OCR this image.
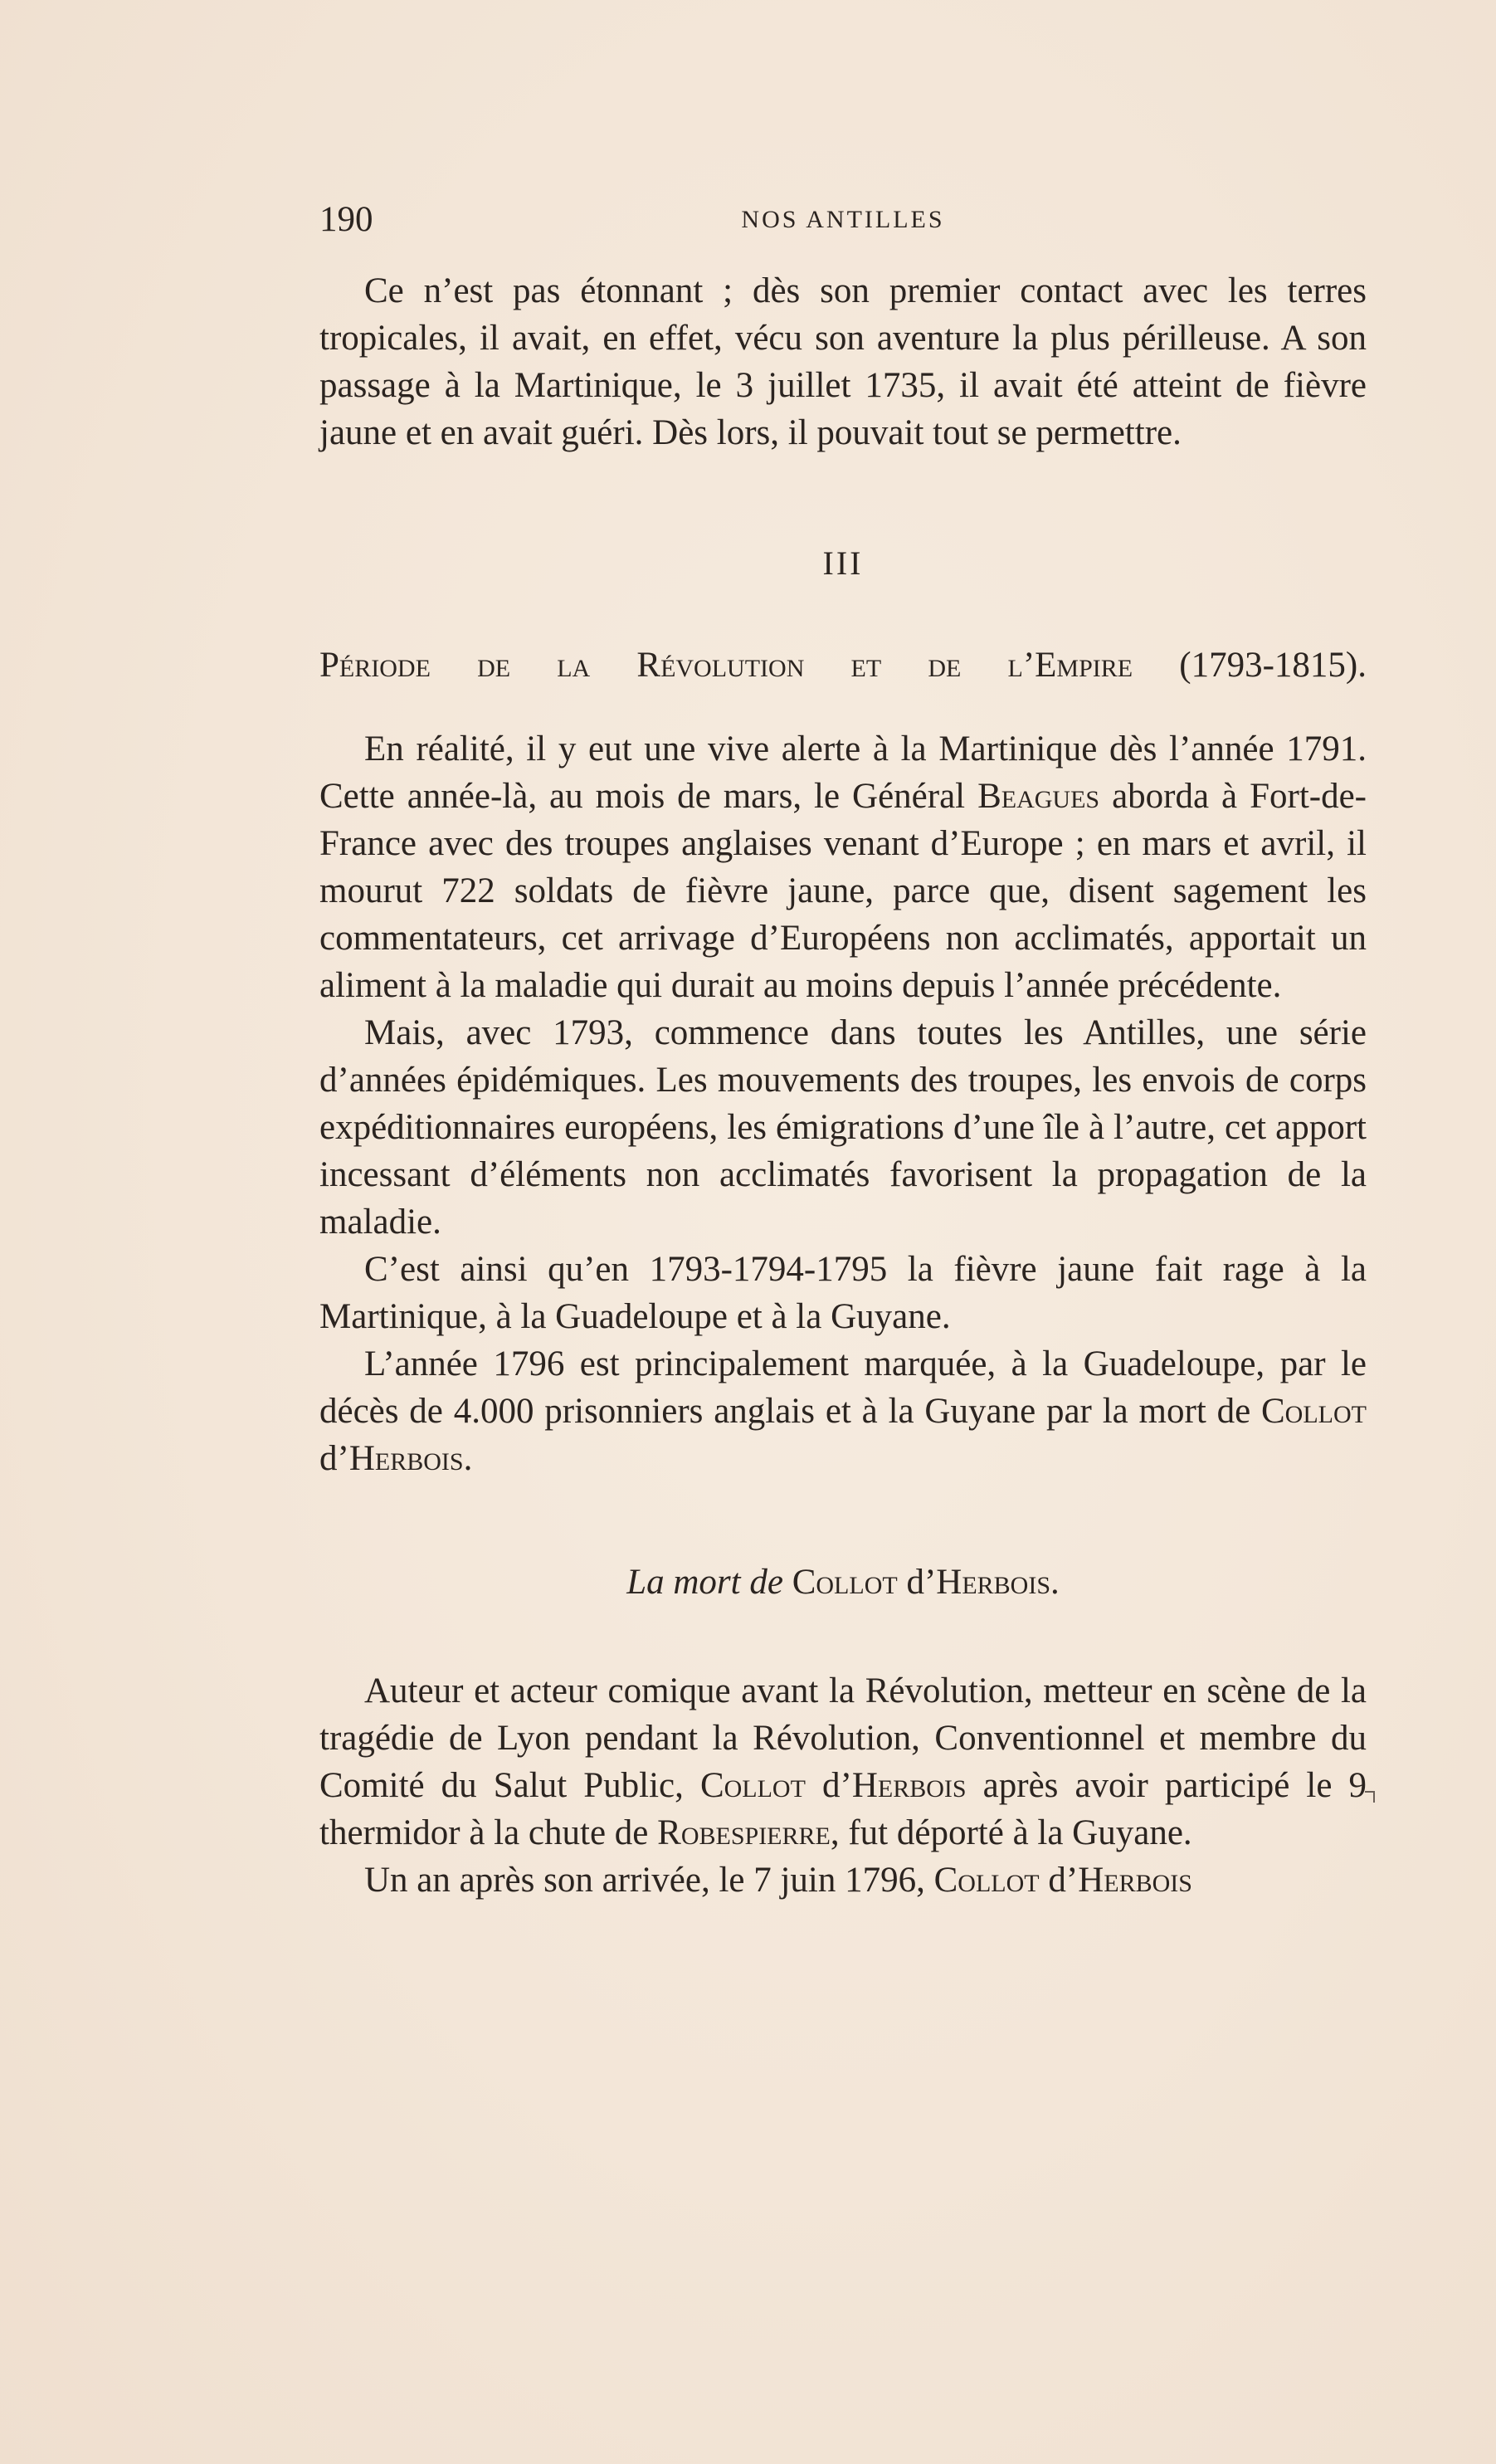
190	NOS ANTILLES

Ce n’est pas étonnant ; dès son premier contact avec les terres tropicales, il avait, en effet, vécu son aventure la plus périlleuse. A son passage à la Martinique, le 3 juillet 1735, il avait été atteint de fièvre jaune et en avait guéri. Dès lors, il pouvait tout se permettre.

III
Période de la Révolution et de l’Empire (1793-1815).

En réalité, il y eut une vive alerte à la Martinique dès l’année 1791. Cette année-là, au mois de mars, le Général Beagues aborda à Fort-de-France avec des troupes anglaises venant d’Europe ; en mars et avril, il mourut 722 soldats de fièvre jaune, parce que, disent sagement les commentateurs, cet arrivage d’Européens non acclimatés, apportait un aliment à la maladie qui durait au moins depuis l’année précédente.

Mais, avec 1793, commence dans toutes les Antilles, une série d’années épidémiques. Les mouvements des troupes, les envois de corps expéditionnaires européens, les émigrations d’une île à l’autre, cet apport incessant d’éléments non acclimatés favorisent la propagation de la maladie.

C’est ainsi qu’en 1793-1794-1795 la fièvre jaune fait rage à la Martinique, à la Guadeloupe et à la Guyane.

L’année 1796 est principalement marquée, à la Guadeloupe, par le décès de 4.000 prisonniers anglais et à la Guyane par la mort de Collot d’Herbois.

La mort de Collot d’Herbois.

Auteur et acteur comique avant la Révolution, metteur en scène de la tragédie de Lyon pendant la Révolution, Conventionnel et membre du Comité du Salut Public, Collot d’Herbois après avoir participé le 9 thermidor à la chute de Robespierre, fut déporté à la Guyane.

Un an après son arrivée, le 7 juin 1796, Collot d’Herbois
